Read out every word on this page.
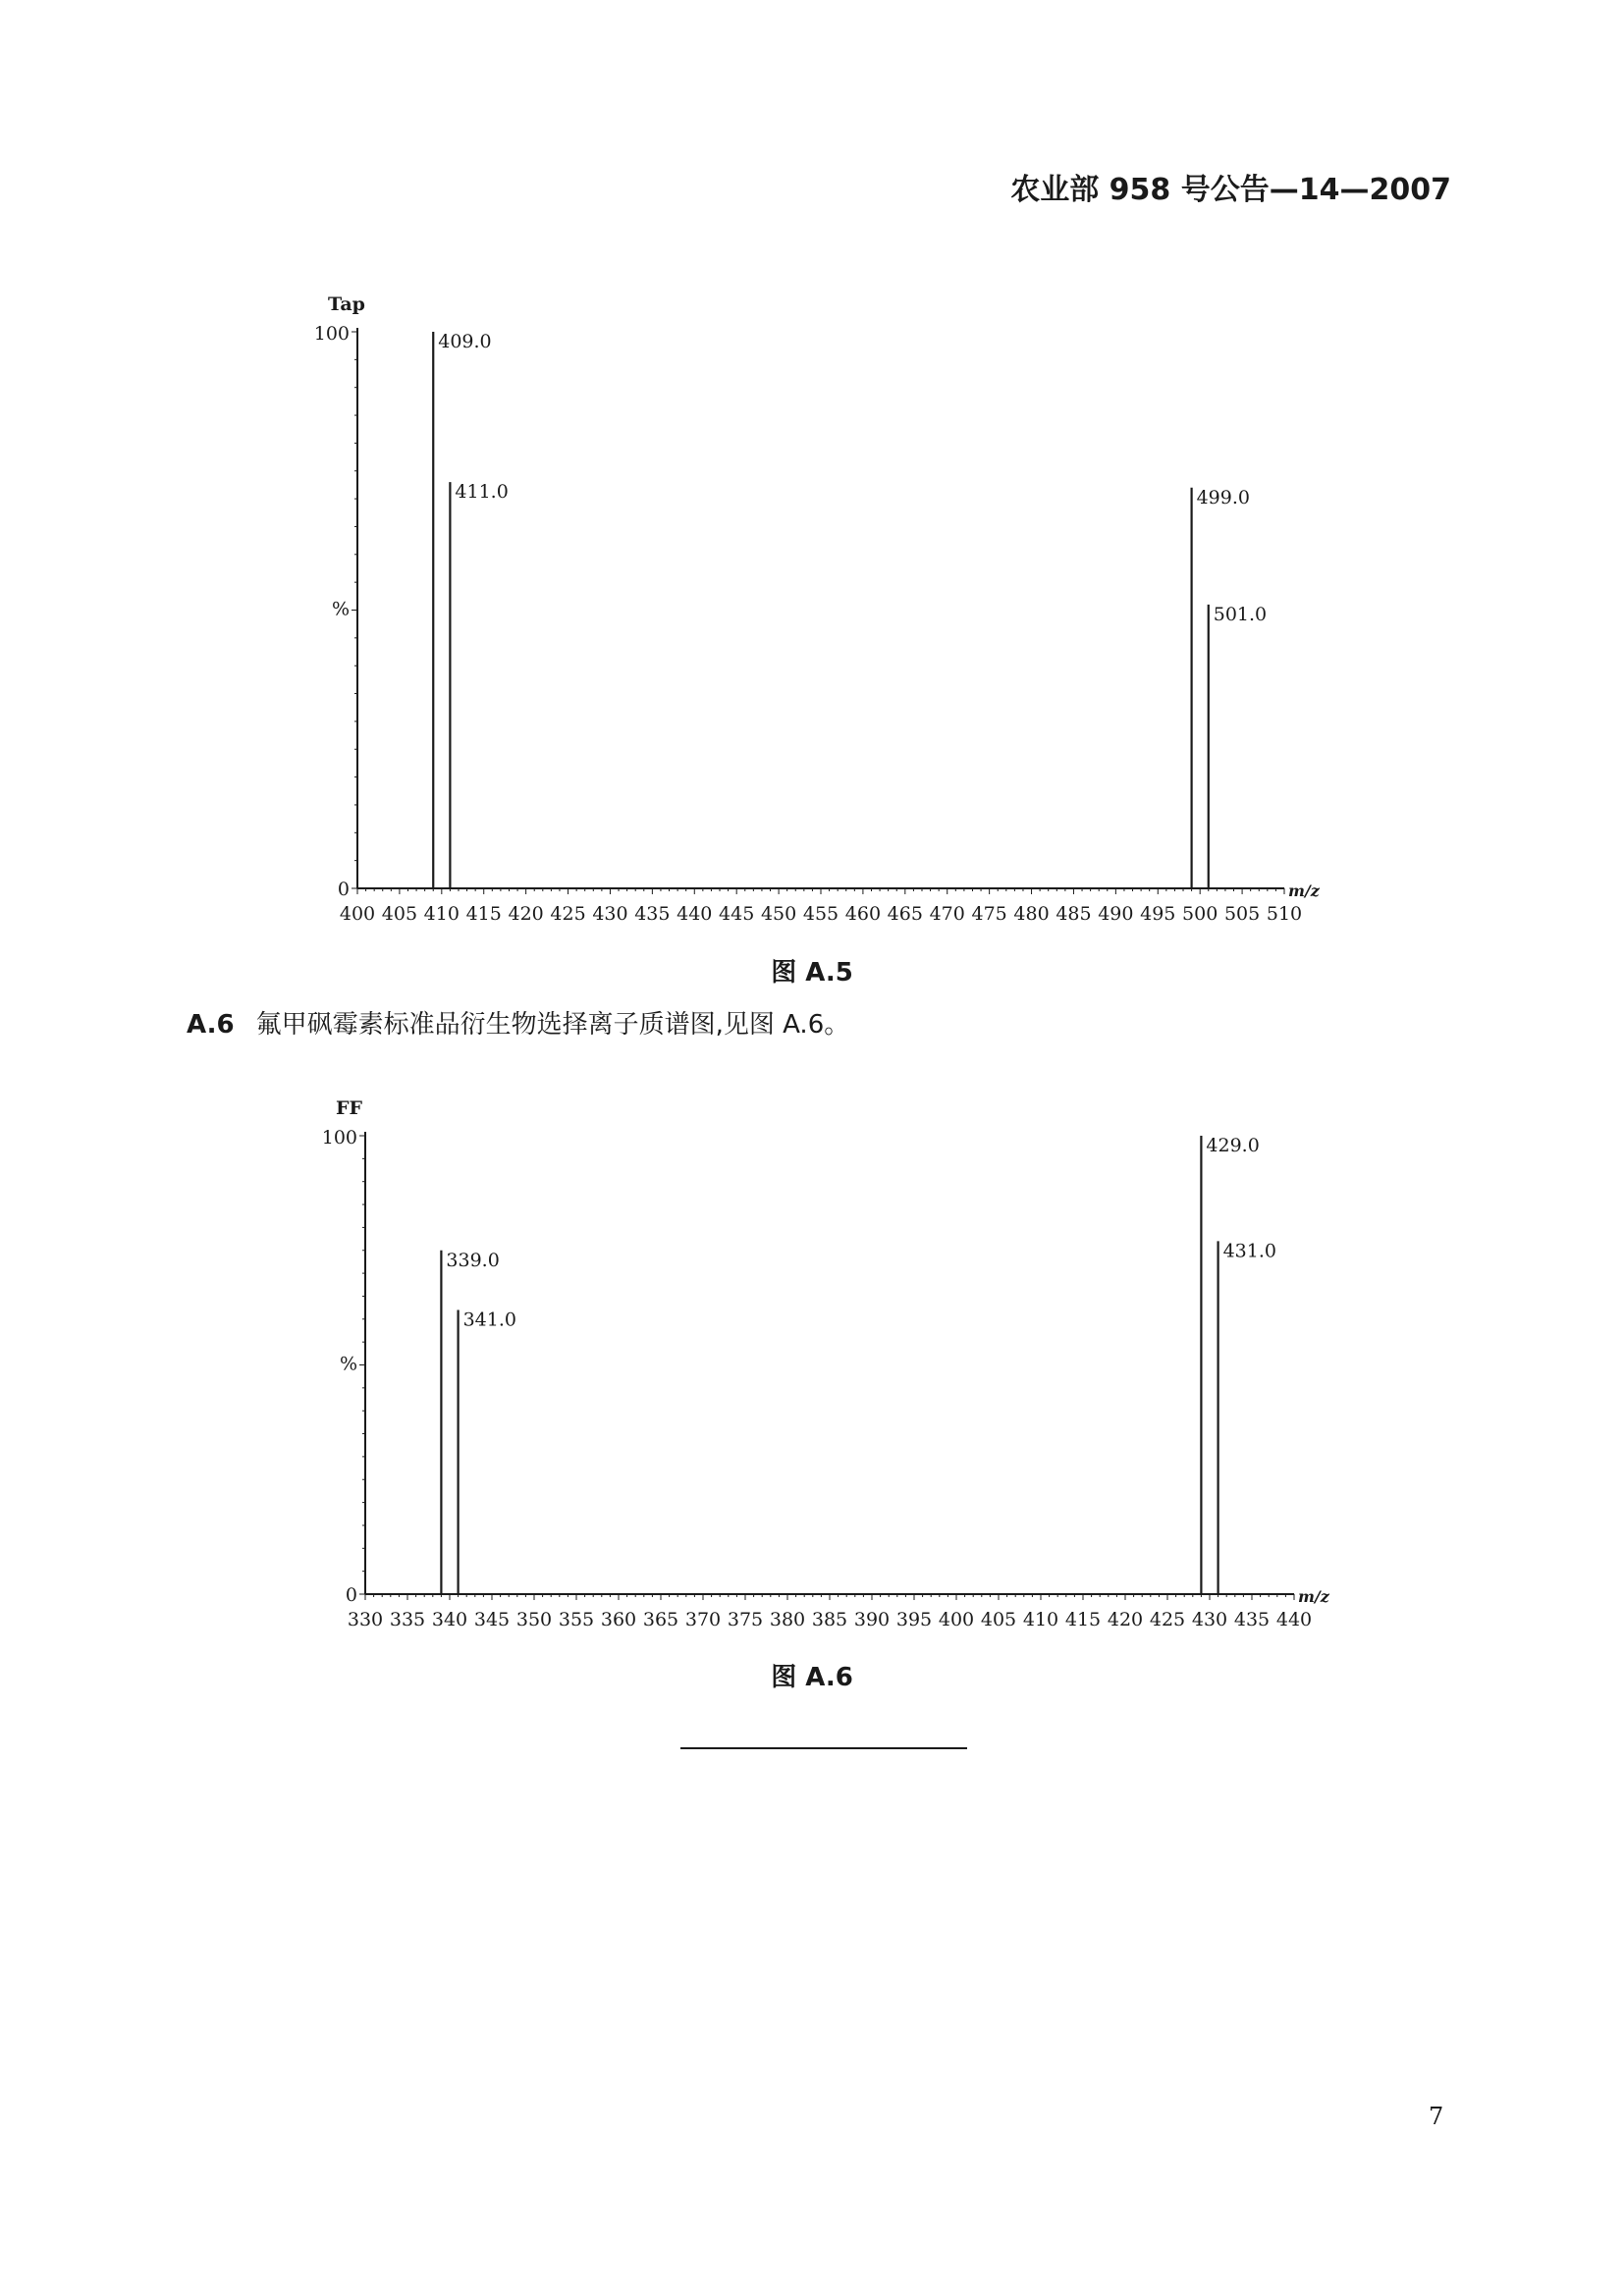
农业部 958 号公告—14—2007
400 405 410 415 420 425 430 435 440 445 450 455 460 465 470 475 480 485 490 495 500 505 510
100
0
Tap
%
m/z
409.0
411.0	499.0
501.0
图 A.5
A.6 氟甲砜霉素标准品衍生物选择离子质谱图,见图 A.6。
330 335 340 345 350 355 360 365 370 375 380 385 390 395 400 405 410 415 420 425 430 435 440
100
0
FF
%
m/z
339.0
341.0
429.0
431.0
图 A.6
7
